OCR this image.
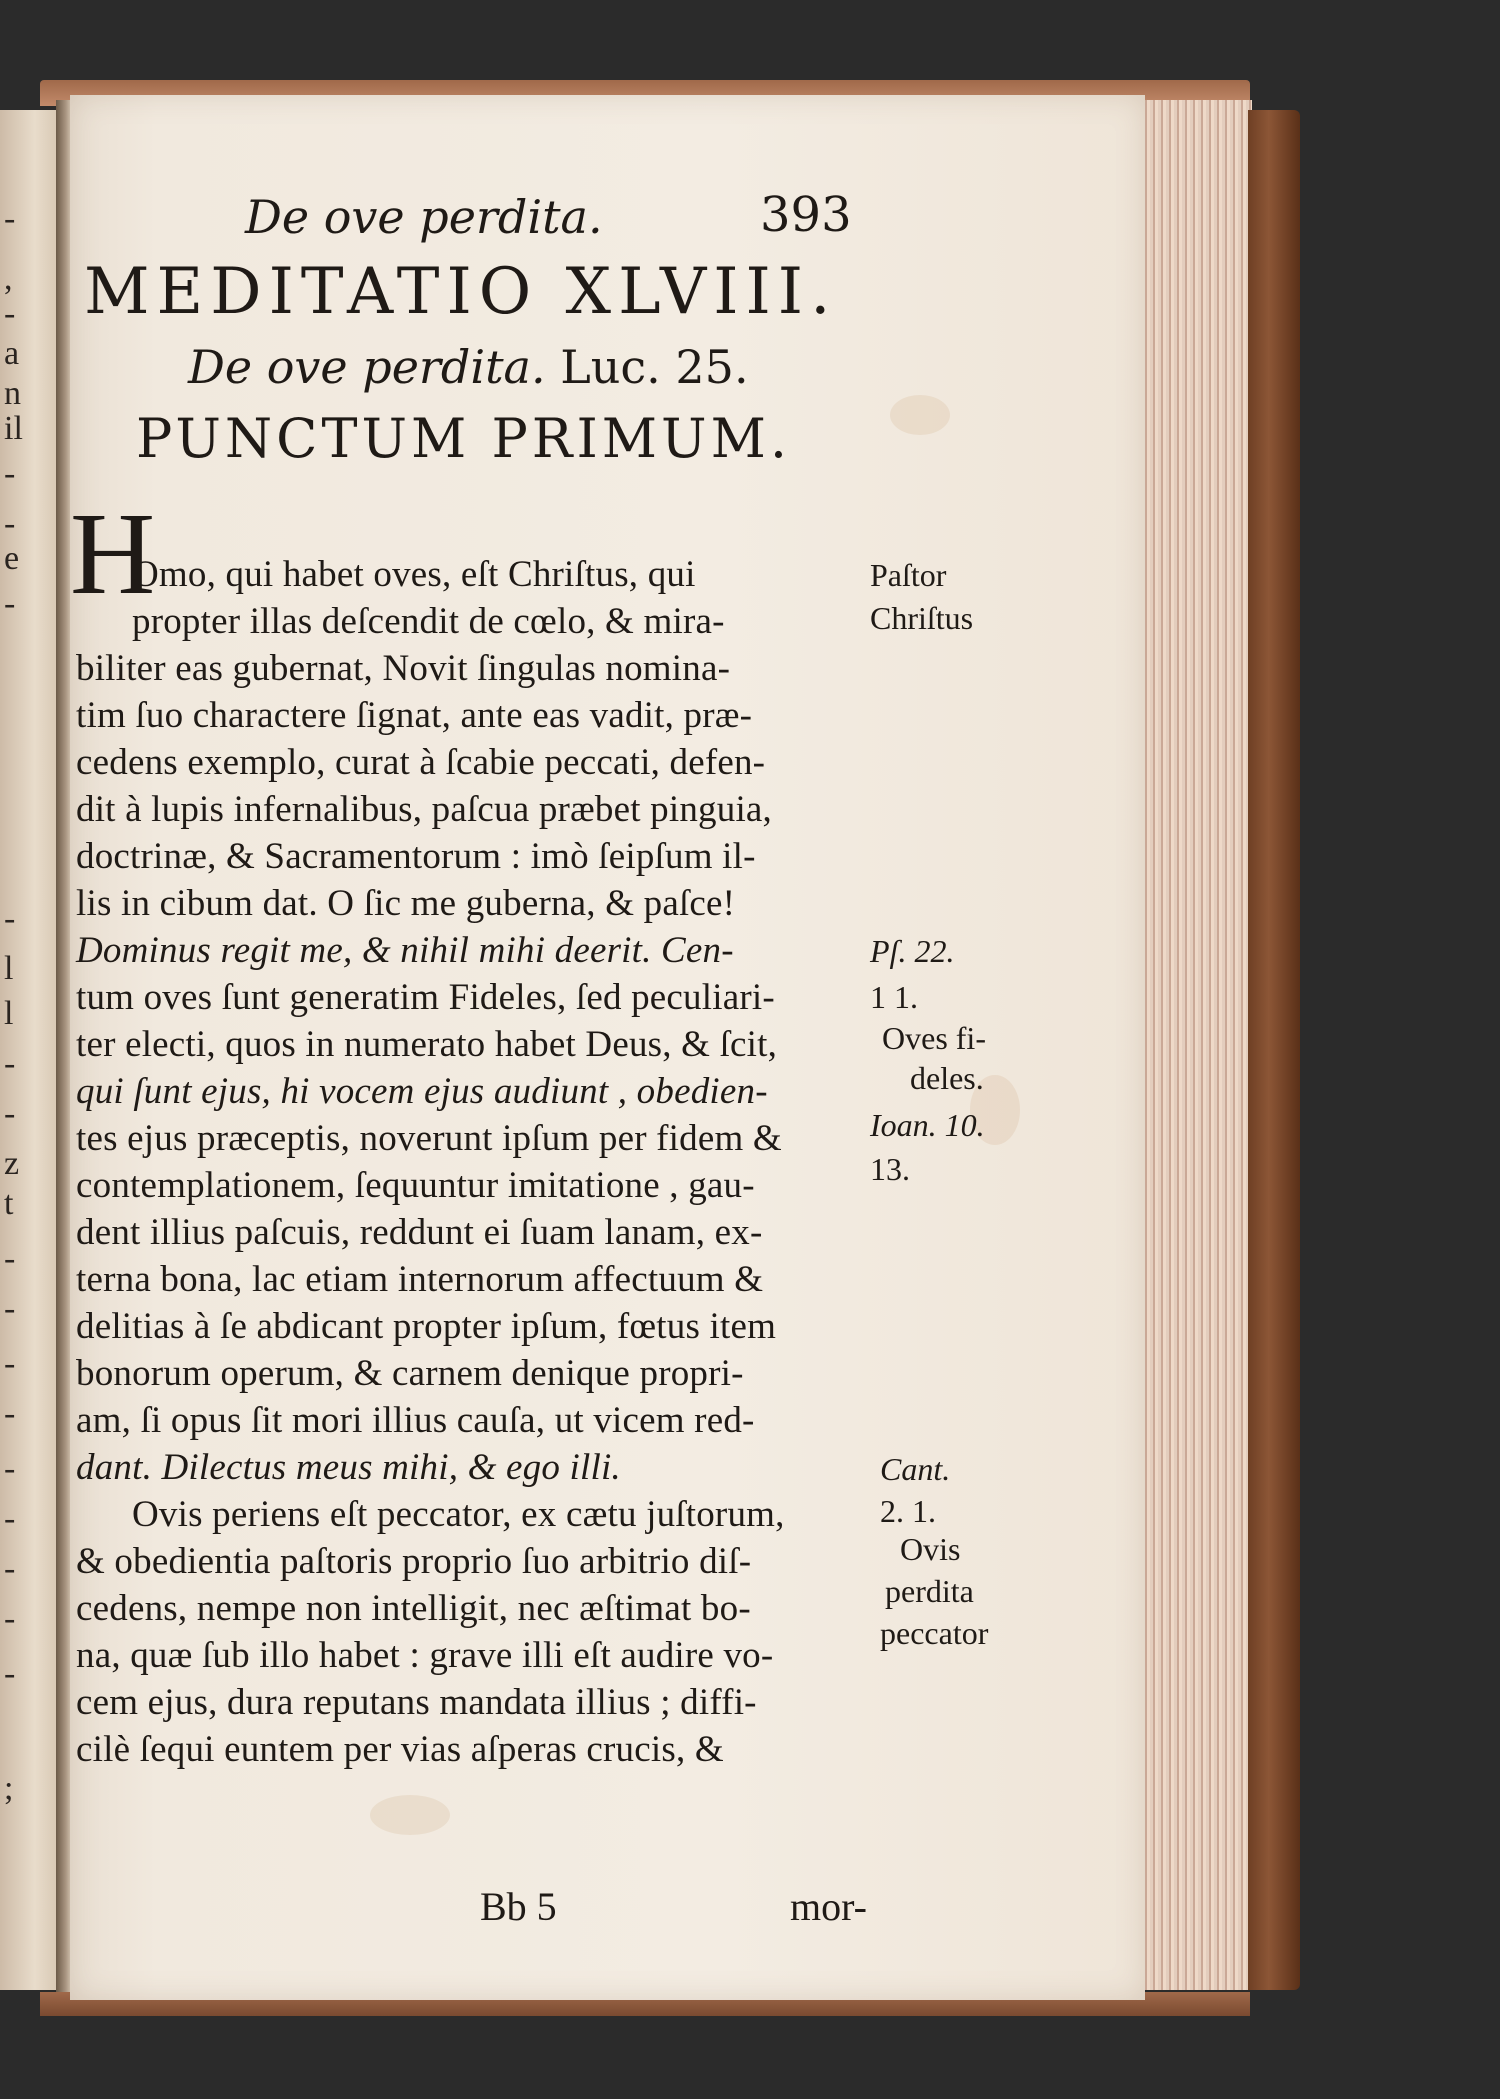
-
,
-
a
n
il
-
-
e
-
-
l
l
-
-
z
t
-
-
-
-
-
-
-
-
-
;
De ove perdita.	393
MEDITATIO XLVIII.
De ove perdita. Luc. 25.
PUNCTUM PRIMUM.
H
Omo, qui habet oves, eſt Chriſtus, qui
propter illas deſcendit de cœlo, & mira-
biliter eas gubernat, Novit ſingulas nomina-
tim ſuo charactere ſignat, ante eas vadit, præ-
cedens exemplo, curat à ſcabie peccati, defen-
dit à lupis infernalibus, paſcua præbet pinguia,
doctrinæ, & Sacramentorum : imò ſeipſum il-
lis in cibum dat. O ſic me guberna, & paſce!
Dominus regit me, & nihil mihi deerit. Cen-
tum oves ſunt generatim Fideles, ſed peculiari-
ter electi, quos in numerato habet Deus, & ſcit,
qui ſunt ejus, hi vocem ejus audiunt , obedien-
tes ejus præceptis, noverunt ipſum per fidem &
contemplationem, ſequuntur imitatione , gau-
dent illius paſcuis, reddunt ei ſuam lanam, ex-
terna bona, lac etiam internorum affectuum &
delitias à ſe abdicant propter ipſum, fœtus item
bonorum operum, & carnem denique propri-
am, ſi opus ſit mori illius cauſa, ut vicem red-
dant. Dilectus meus mihi, & ego illi.
Ovis periens eſt peccator, ex cætu juſtorum,
& obedientia paſtoris proprio ſuo arbitrio diſ-
cedens, nempe non intelligit, nec æſtimat bo-
na, quæ ſub illo habet : grave illi eſt audire vo-
cem ejus, dura reputans mandata illius ; diffi-
cilè ſequi euntem per vias aſperas crucis, &
Paſtor
Chriſtus
Pſ. 22.
1 1.
Oves fi-
deles.
Ioan. 10.
13.
Cant.
2. 1.
Ovis
perdita
peccator
Bb 5	mor-
